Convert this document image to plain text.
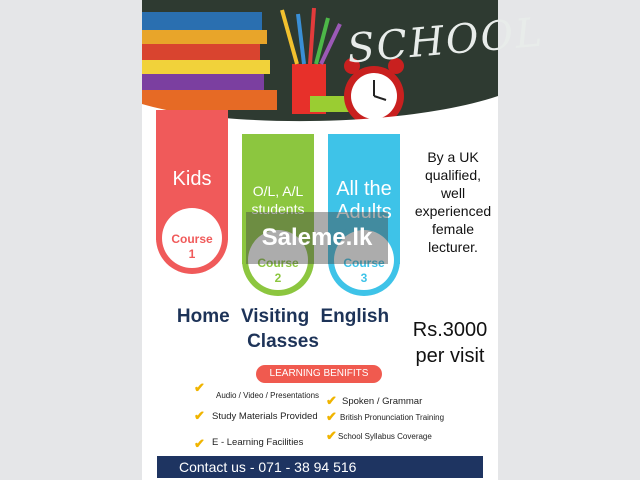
SCHOOL
Kids
Course
1
O/L, A/L students
Course
2
All the Adults
Course
3
By a UK qualified, well experienced female lecturer.
Saleme.lk
Home Visiting English
Classes
Rs.3000
per visit
LEARNING BENIFITS
✔
Audio / Video / Presentations
✔ Study Materials Provided
✔ E - Learning Facilities
✔ Spoken / Grammar
✔ British Pronunciation Training
✔ School Syllabus Coverage
Contact us - 071 - 38 94 516
